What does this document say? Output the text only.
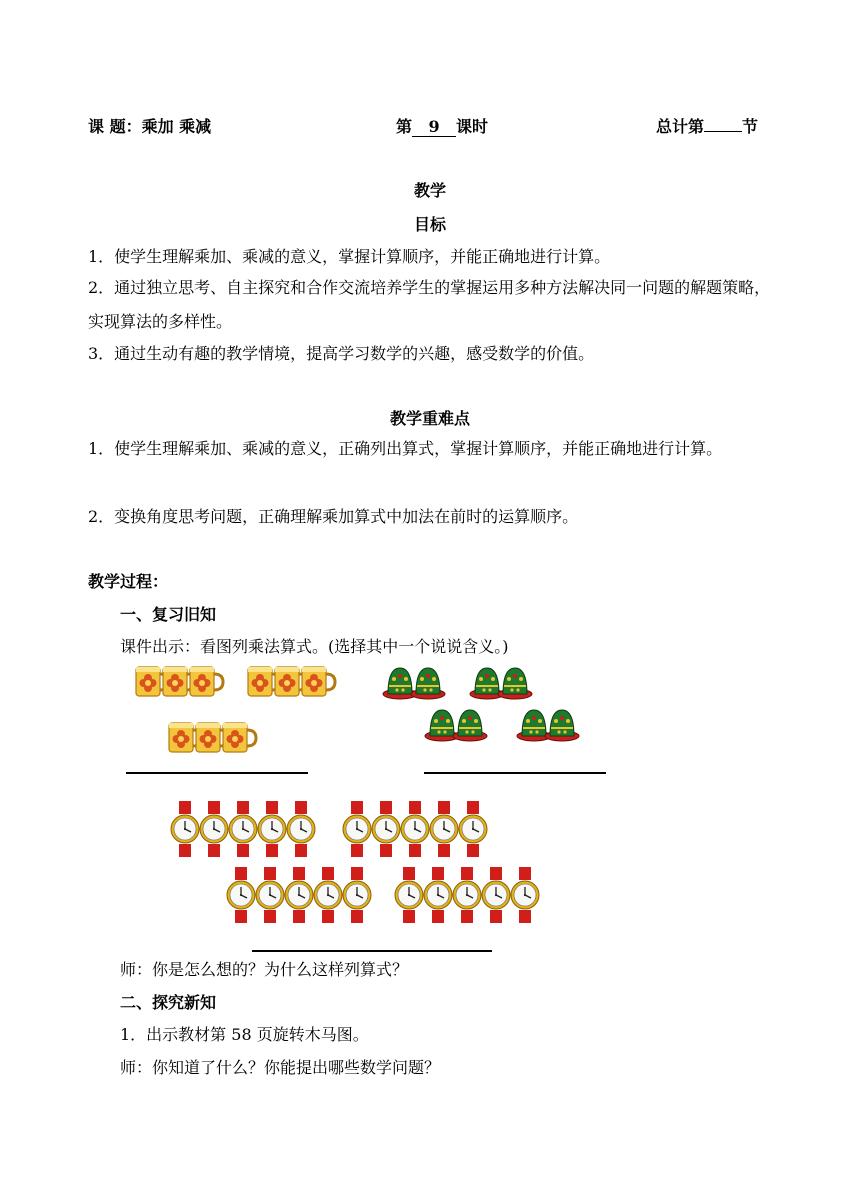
课 题：乘加 乘减	第 9 课时	总计第 节
教学
目标
1．使学生理解乘加、乘减的意义，掌握计算顺序，并能正确地进行计算。
2．通过独立思考、自主探究和合作交流培养学生的掌握运用多种方法解决同一问题的解题策略，实现算法的多样性。
3．通过生动有趣的教学情境，提高学习数学的兴趣，感受数学的价值。
教学重难点
1．使学生理解乘加、乘减的意义，正确列出算式，掌握计算顺序，并能正确地进行计算。
2．变换角度思考问题，正确理解乘加算式中加法在前时的运算顺序。
教学过程：
一、复习旧知
课件出示：看图列乘法算式。(选择其中一个说说含义。)
师：你是怎么想的？为什么这样列算式？
二、探究新知
1．出示教材第 58 页旋转木马图。
师：你知道了什么？你能提出哪些数学问题？
